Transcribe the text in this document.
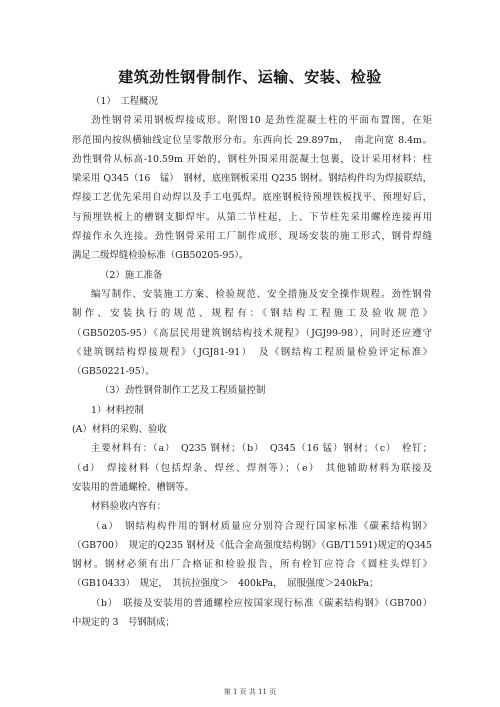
建筑劲性钢骨制作、运输、安装、检验
（1）　工程概况
劲性钢骨采用钢板焊接成形。附图10 是劲性混凝土柱的平面布置图，在矩
形范围内按纵横轴线定位呈零散形分布。东西向长 29.897m，　南北向宽 8.4m。
劲性钢骨从标高-10.59m 开始的，钢柱外围采用混凝土包裹，设计采用材料：柱
梁采用 Q345（16　锰）　钢材，底座钢板采用 Q235 钢材。钢结构件均为焊接联结，
焊接工艺优先采用自动焊以及手工电弧焊。底座钢板待预埋铁板找平、预埋好后，
与预埋铁板上的槽钢支脚焊牢。从第二节柱起，上、下节柱先采用螺栓连接再用
焊接作永久连接。劲性钢骨采用工厂制作成形、现场安装的施工形式，钢骨焊缝
满足二级焊缝检验标准（GB50205-95）。
（2）施工准备
编写制作、安装施工方案、检验规范、安全措施及安全操作规程。劲性钢骨
制作、安装执行的规范、规程有：《钢结构工程施工及验收规范》
（GB50205-95）《高层民用建筑钢结构技术规程》（JGJ99-98），同时还应遵守
《建筑钢结构焊接规程》（JGJ81-91）　及《钢结构工程质量检验评定标准》
（GB50221-95）。
（3）劲性钢骨制作工艺及工程质量控制
1）材料控制
(A）材料的采购、验收
主要材料有：（a）　Q235 钢材；（b）　Q345（16 锰）钢材；（c）　栓钉；
（d）　焊接材料（包括焊条、焊丝、焊剂等）；（e）　其他辅助材料为联接及
安装用的普通螺栓、槽钢等。
材料验收内容有：
（a）　钢结构构件用的钢材质量应分别符合现行国家标准《碳素结构钢》
（GB700）　规定的Q235 钢材及《低合金高强度结构钢》（GB/T1591)规定的Q345
钢材。钢材必须有出厂合格证和检验报告，所有栓钉应符合《圆柱头焊钉》
（GB10433）　规定，　其抗拉强度＞　400kPa，　屈服强度＞240kPa；
（b）　联接及安装用的普通螺栓应按国家现行标准《碳素结构钢》（GB700）
中规定的 3　号钢制成；
第 1 页 共 11 页
